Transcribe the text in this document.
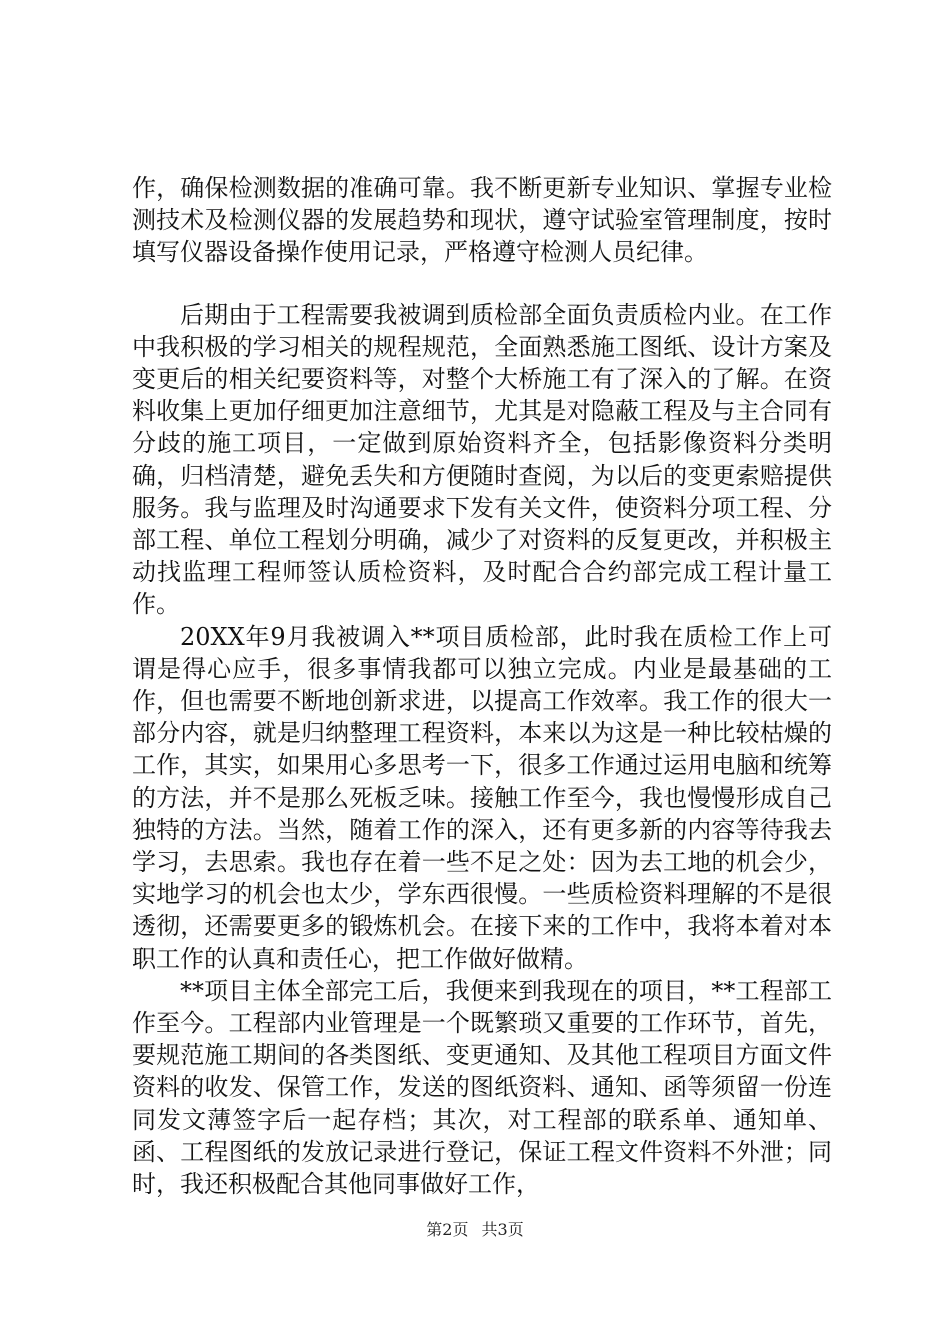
作，确保检测数据的准确可靠。我不断更新专业知识、掌握专业检测技术及检测仪器的发展趋势和现状，遵守试验室管理制度，按时填写仪器设备操作使用记录，严格遵守检测人员纪律。

后期由于工程需要我被调到质检部全面负责质检内业。在工作中我积极的学习相关的规程规范，全面熟悉施工图纸、设计方案及变更后的相关纪要资料等，对整个大桥施工有了深入的了解。在资料收集上更加仔细更加注意细节，尤其是对隐蔽工程及与主合同有分歧的施工项目，一定做到原始资料齐全，包括影像资料分类明确，归档清楚，避免丢失和方便随时查阅，为以后的变更索赔提供服务。我与监理及时沟通要求下发有关文件，使资料分项工程、分部工程、单位工程划分明确，减少了对资料的反复更改，并积极主动找监理工程师签认质检资料，及时配合合约部完成工程计量工作。

20XX年9月我被调入**项目质检部，此时我在质检工作上可谓是得心应手，很多事情我都可以独立完成。内业是最基础的工作，但也需要不断地创新求进，以提高工作效率。我工作的很大一部分内容，就是归纳整理工程资料，本来以为这是一种比较枯燥的工作，其实，如果用心多思考一下，很多工作通过运用电脑和统筹的方法，并不是那么死板乏味。接触工作至今，我也慢慢形成自己独特的方法。当然，随着工作的深入，还有更多新的内容等待我去学习，去思索。我也存在着一些不足之处：因为去工地的机会少，实地学习的机会也太少，学东西很慢。一些质检资料理解的不是很透彻，还需要更多的锻炼机会。在接下来的工作中，我将本着对本职工作的认真和责任心，把工作做好做精。

**项目主体全部完工后，我便来到我现在的项目，**工程部工作至今。工程部内业管理是一个既繁琐又重要的工作环节，首先，要规范施工期间的各类图纸、变更通知、及其他工程项目方面文件资料的收发、保管工作，发送的图纸资料、通知、函等须留一份连同发文薄签字后一起存档；其次，对工程部的联系单、通知单、函、工程图纸的发放记录进行登记，保证工程文件资料不外泄；同时，我还积极配合其他同事做好工作，

第2页 共3页
